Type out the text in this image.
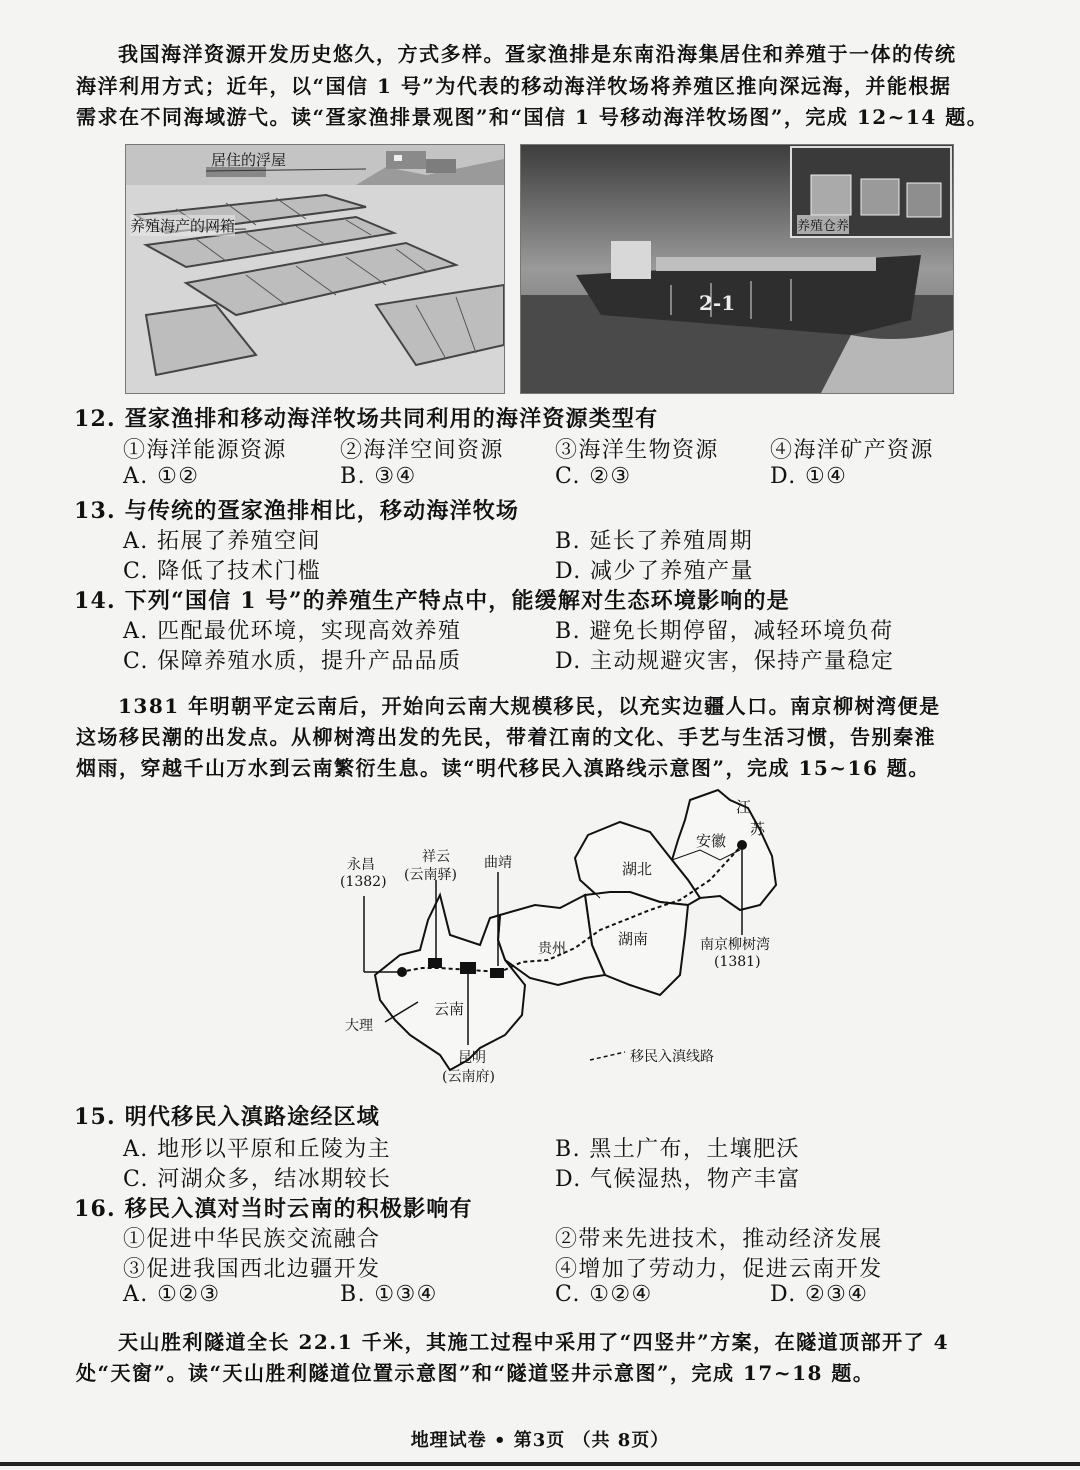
我国海洋资源开发历史悠久，方式多样。疍家渔排是东南沿海集居住和养殖于一体的传统
海洋利用方式；近年，以“国信 1 号”为代表的移动海洋牧场将养殖区推向深远海，并能根据
需求在不同海域游弋。读“疍家渔排景观图”和“国信 1 号移动海洋牧场图”，完成 12~14 题。
居住的浮屋
养殖海产的网箱
2-1
养殖仓养
12. 疍家渔排和移动海洋牧场共同利用的海洋资源类型有
①海洋能源资源 ②海洋空间资源 ③海洋生物资源 ④海洋矿产资源
A. ①②	B. ③④	C. ②③	D. ①④
13. 与传统的疍家渔排相比，移动海洋牧场
A. 拓展了养殖空间	B. 延长了养殖周期
C. 降低了技术门槛	D. 减少了养殖产量
14. 下列“国信 1 号”的养殖生产特点中，能缓解对生态环境影响的是
A. 匹配最优环境，实现高效养殖	B. 避免长期停留，减轻环境负荷
C. 保障养殖水质，提升产品品质	D. 主动规避灾害，保持产量稳定
1381 年明朝平定云南后，开始向云南大规模移民，以充实边疆人口。南京柳树湾便是
这场移民潮的出发点。从柳树湾出发的先民，带着江南的文化、手艺与生活习惯，告别秦淮
烟雨，穿越千山万水到云南繁衍生息。读“明代移民入滇路线示意图”，完成 15~16 题。
江
苏
安徽
湖北
湖南
贵州
云南
永昌
(1382)
祥云
(云南驿)
曲靖
南京柳树湾
(1381)
大理
昆明
(云南府)
移民入滇线路
15. 明代移民入滇路途经区域
A. 地形以平原和丘陵为主	B. 黑土广布，土壤肥沃
C. 河湖众多，结冰期较长	D. 气候湿热，物产丰富
16. 移民入滇对当时云南的积极影响有
①促进中华民族交流融合	②带来先进技术，推动经济发展
③促进我国西北边疆开发	④增加了劳动力，促进云南开发
A. ①②③	B. ①③④	C. ①②④	D. ②③④
天山胜利隧道全长 22.1 千米，其施工过程中采用了“四竖井”方案，在隧道顶部开了 4
处“天窗”。读“天山胜利隧道位置示意图”和“隧道竖井示意图”，完成 17~18 题。
地理试卷 • 第3页 （共 8页）
